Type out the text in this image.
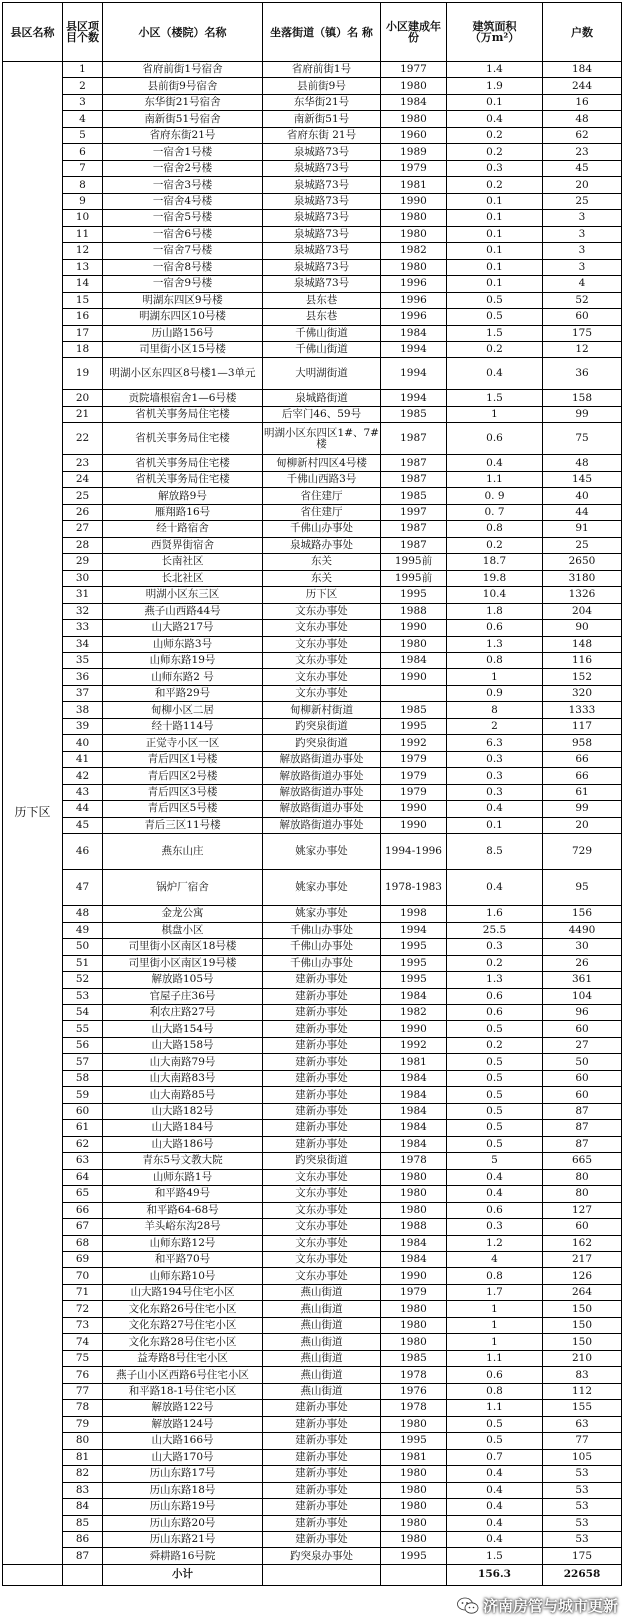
县区名称	县区项目个数	小区（楼院）名称	坐落街道（镇）名 称	小区建成年份	建筑面积
（万m²）	户数
历下区	1	省府前街1号宿舍	省府前街1号	1977	1.4	184
	2	县前街9号宿舍	县前街9号	1980	1.9	244
	3	东华街21号宿舍	东华街21号	1984	0.1	16
	4	南新街51号宿舍	南新街51号	1980	0.4	48
	5	省府东街21号	省府东街 21号	1960	0.2	62
	6	一宿舍1号楼	泉城路73号	1989	0.2	23
	7	一宿舍2号楼	泉城路73号	1979	0.3	45
	8	一宿舍3号楼	泉城路73号	1981	0.2	20
	9	一宿舍4号楼	泉城路73号	1990	0.1	25
	10	一宿舍5号楼	泉城路73号	1980	0.1	3
	11	一宿舍6号楼	泉城路73号	1980	0.1	3
	12	一宿舍7号楼	泉城路73号	1982	0.1	3
	13	一宿舍8号楼	泉城路73号	1980	0.1	3
	14	一宿舍9号楼	泉城路73号	1996	0.1	4
	15	明湖东四区9号楼	县东巷	1996	0.5	52
	16	明湖东四区10号楼	县东巷	1996	0.5	60
	17	历山路156号	千佛山街道	1984	1.5	175
	18	司里街小区15号楼	千佛山街道	1994	0.2	12
	19	明湖小区东四区8号楼1—3单元	大明湖街道	1994	0.4	36
	20	贡院墙根宿舍1—6号楼	泉城路街道	1994	1.5	158
	21	省机关事务局住宅楼	后宰门46、59号	1985	1	99
	22	省机关事务局住宅楼	明湖小区东四区1#、7#楼	1987	0.6	75
	23	省机关事务局住宅楼	甸柳新村四区4号楼	1987	0.4	48
	24	省机关事务局住宅楼	千佛山西路3号	1987	1.1	145
	25	解放路9号	省住建厅	1985	0. 9	40
	26	雁翔路16号	省住建厅	1997	0. 7	44
	27	经十路宿舍	千佛山办事处	1987	0.8	91
	28	西贤界街宿舍	泉城路办事处	1987	0.2	25
	29	长南社区	东关	1995前	18.7	2650
	30	长北社区	东关	1995前	19.8	3180
	31	明湖小区东三区	历下区	1995	10.4	1326
	32	燕子山西路44号	文东办事处	1988	1.8	204
	33	山大路217号	文东办事处	1990	0.6	90
	34	山师东路3号	文东办事处	1980	1.3	148
	35	山师东路19号	文东办事处	1984	0.8	116
	36	山师东路2 号	文东办事处	1990	1	152
	37	和平路29号	文东办事处		0.9	320
	38	甸柳小区二居	甸柳新村街道	1985	8	1333
	39	经十路114号	趵突泉街道	1995	2	117
	40	正觉寺小区一区	趵突泉街道	1992	6.3	958
	41	青后四区1号楼	解放路街道办事处	1979	0.3	66
	42	青后四区2号楼	解放路街道办事处	1979	0.3	66
	43	青后四区3号楼	解放路街道办事处	1979	0.3	61
	44	青后四区5号楼	解放路街道办事处	1990	0.4	99
	45	青后三区11号楼	解放路街道办事处	1990	0.1	20
	46	燕东山庄	姚家办事处	1994-1996	8.5	729
	47	锅炉厂宿舍	姚家办事处	1978-1983	0.4	95
	48	金龙公寓	姚家办事处	1998	1.6	156
	49	棋盘小区	千佛山办事处	1994	25.5	4490
	50	司里街小区南区18号楼	千佛山办事处	1995	0.3	30
	51	司里街小区南区19号楼	千佛山办事处	1995	0.2	26
	52	解放路105号	建新办事处	1995	1.3	361
	53	官屋子庄36号	建新办事处	1984	0.6	104
	54	利农庄路27号	建新办事处	1982	0.6	96
	55	山大路154号	建新办事处	1990	0.5	60
	56	山大路158号	建新办事处	1992	0.2	27
	57	山大南路79号	建新办事处	1981	0.5	50
	58	山大南路83号	建新办事处	1984	0.5	60
	59	山大南路85号	建新办事处	1984	0.5	60
	60	山大路182号	建新办事处	1984	0.5	87
	61	山大路184号	建新办事处	1984	0.5	87
	62	山大路186号	建新办事处	1984	0.5	87
	63	青东5号文教大院	趵突泉街道	1978	5	665
	64	山师东路1号	文东办事处	1980	0.4	80
	65	和平路49号	文东办事处	1980	0.4	80
	66	和平路64-68号	文东办事处	1980	0.6	127
	67	羊头峪东沟28号	文东办事处	1988	0.3	60
	68	山师东路12号	文东办事处	1984	1.2	162
	69	和平路70号	文东办事处	1984	4	217
	70	山师东路10号	文东办事处	1990	0.8	126
	71	山大路194号住宅小区	燕山街道	1979	1.7	264
	72	文化东路26号住宅小区	燕山街道	1980	1	150
	73	文化东路27号住宅小区	燕山街道	1980	1	150
	74	文化东路28号住宅小区	燕山街道	1980	1	150
	75	益寿路8号住宅小区	燕山街道	1985	1.1	210
	76	燕子山小区西路6号住宅小区	燕山街道	1978	0.6	83
	77	和平路18-1号住宅小区	燕山街道	1976	0.8	112
	78	解放路122号	建新办事处	1978	1.1	155
	79	解放路124号	建新办事处	1980	0.5	63
	80	山大路166号	建新办事处	1995	0.5	77
	81	山大路170号	建新办事处	1981	0.7	105
	82	历山东路17号	建新办事处	1980	0.4	53
	83	历山东路18号	建新办事处	1980	0.4	53
	84	历山东路19号	建新办事处	1980	0.4	53
	85	历山东路20号	建新办事处	1980	0.4	53
	86	历山东路21号	建新办事处	1980	0.4	53
	87	舜耕路16号院	趵突泉办事处	1995	1.5	175
		小计			156.3	22658
济南房管与城市更新
